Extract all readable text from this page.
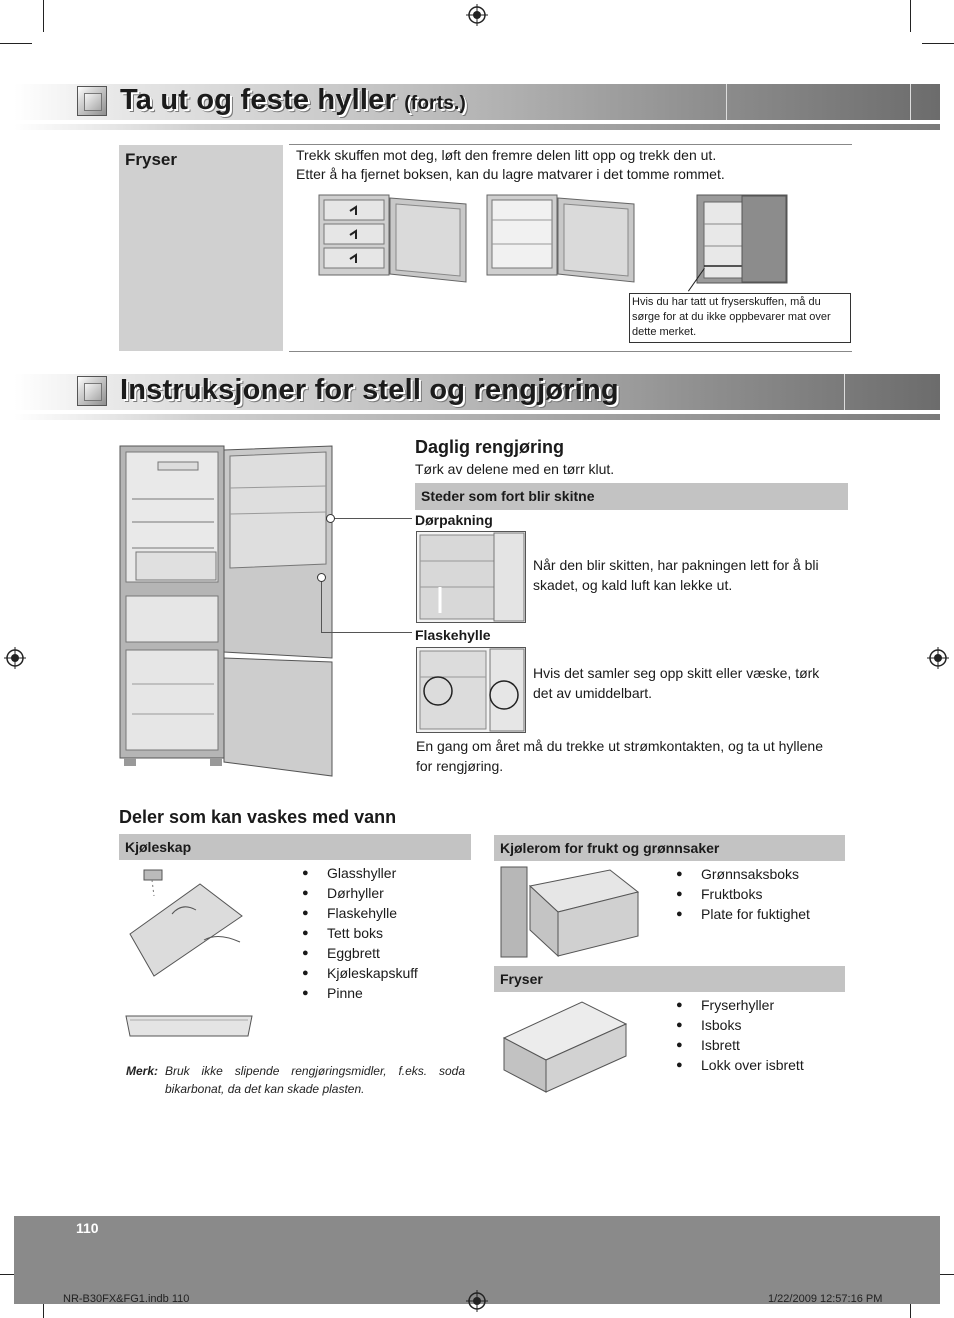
Ta ut og feste hyller (forts.)
Fryser	Trekk skuffen mot deg, løft den fremre delen litt opp og trekk den ut.
Etter å ha fjernet boksen, kan du lagre matvarer i det tomme rommet.
Hvis du har tatt ut fryserskuffen, må du sørge for at du ikke oppbevarer mat over dette merket.
Instruksjoner for stell og rengjøring
Daglig rengjøring
Tørk av delene med en tørr klut.
Steder som fort blir skitne
Dørpakning
Når den blir skitten, har pakningen lett for å bli skadet, og kald luft kan lekke ut.
Flaskehylle
Hvis det samler seg opp skitt eller væske, tørk det av umiddelbart.
En gang om året må du trekke ut strømkontakten, og ta ut hyllene for rengjøring.
Deler som kan vaskes med vann
Kjøleskap
● Glasshyller
● Dørhyller
● Flaskehylle
● Tett boks
● Eggbrett
● Kjøleskapskuff
● Pinne
Merk: Bruk ikke slipende rengjøringsmidler, f.eks. soda bikarbonat, da det kan skade plasten.
Kjølerom for frukt og grønnsaker
● Grønnsaksboks
● Fruktboks
● Plate for fuktighet
Fryser
● Fryserhyller
● Isboks
● Isbrett
● Lokk over isbrett
110
NR-B30FX&FG1.indb 110	1/22/2009 12:57:16 PM
